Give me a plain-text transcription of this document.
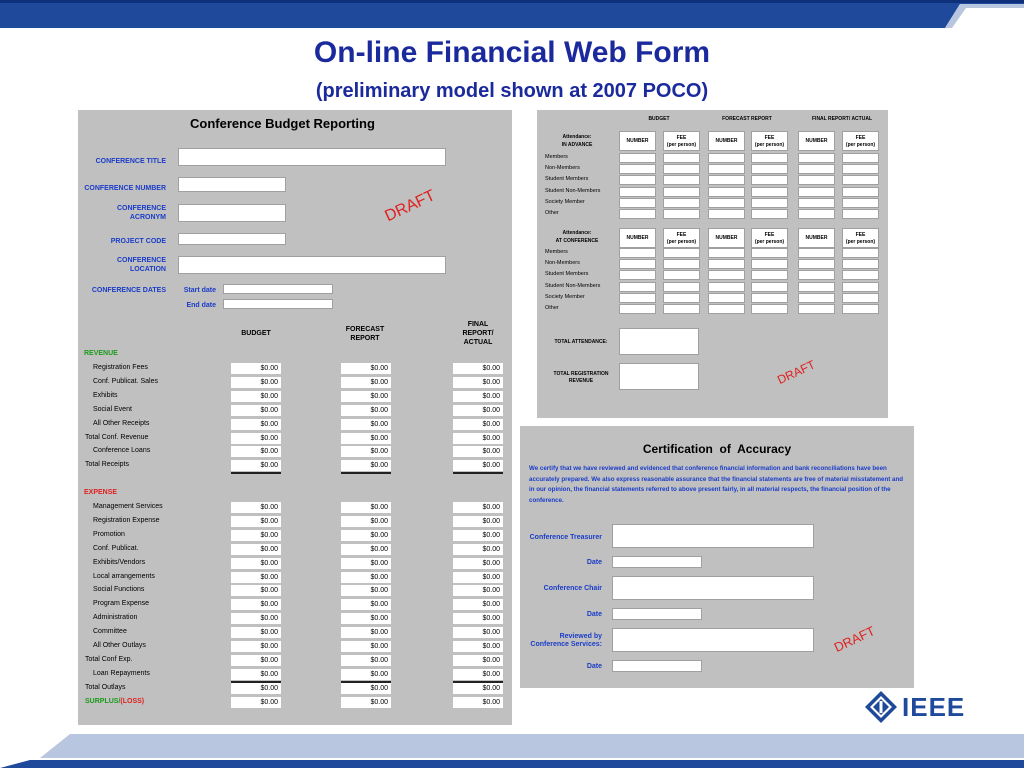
On-line Financial Web Form
(preliminary model shown at 2007 POCO)
Conference Budget Reporting
CONFERENCE TITLE
CONFERENCE NUMBER
CONFERENCE
ACRONYM
PROJECT CODE
CONFERENCE
LOCATION
CONFERENCE DATES	Start date
End date
BUDGET
FORECAST
REPORT
FINAL
REPORT/
ACTUAL
REVENUE
EXPENSE
DRAFT
Registration Fees	$0.00	$0.00	$0.00
Conf. Publicat. Sales	$0.00	$0.00	$0.00
Exhibits	$0.00	$0.00	$0.00
Social Event	$0.00	$0.00	$0.00
All Other Receipts	$0.00	$0.00	$0.00
Total Conf. Revenue	$0.00	$0.00	$0.00
Conference Loans	$0.00	$0.00	$0.00
Total Receipts	$0.00	$0.00	$0.00
Management Services	$0.00	$0.00	$0.00
Registration Expense	$0.00	$0.00	$0.00
Promotion	$0.00	$0.00	$0.00
Conf. Publicat.	$0.00	$0.00	$0.00
Exhibits/Vendors	$0.00	$0.00	$0.00
Local arrangements	$0.00	$0.00	$0.00
Social Functions	$0.00	$0.00	$0.00
Program Expense	$0.00	$0.00	$0.00
Administration	$0.00	$0.00	$0.00
Committee	$0.00	$0.00	$0.00
All Other Outlays	$0.00	$0.00	$0.00
Total Conf Exp.	$0.00	$0.00	$0.00
Loan Repayments	$0.00	$0.00	$0.00
Total Outlays	$0.00	$0.00	$0.00
SURPLUS/(LOSS)	$0.00	$0.00	$0.00
BUDGET	FORECAST REPORT	FINAL REPORT/ ACTUAL
Attendance:
IN ADVANCE
Attendance:
AT CONFERENCE
TOTAL ATTENDANCE:
TOTAL REGISTRATION
REVENUE	DRAFT
NUMBER	FEE
(per person)
NUMBER	FEE
(per person)
NUMBER	FEE
(per person)
Members
Non-Members
Student Members
Student Non-Members
Society Member
Other
NUMBER	FEE
(per person)
NUMBER	FEE
(per person)
NUMBER	FEE
(per person)
Members
Non-Members
Student Members
Student Non-Members
Society Member
Other
Certification  of  Accuracy
We certify that we have reviewed and evidenced that conference financial information and bank reconciliations have been accurately prepared. We also express reasonable assurance that the financial statements are free of material misstatement and in our opinion, the financial statements referred to above present fairly, in all material respects, the financial position of the conference.
Conference Treasurer
Date
Conference Chair
Date
Reviewed by
Conference Services:
Date
DRAFT
IEEE
